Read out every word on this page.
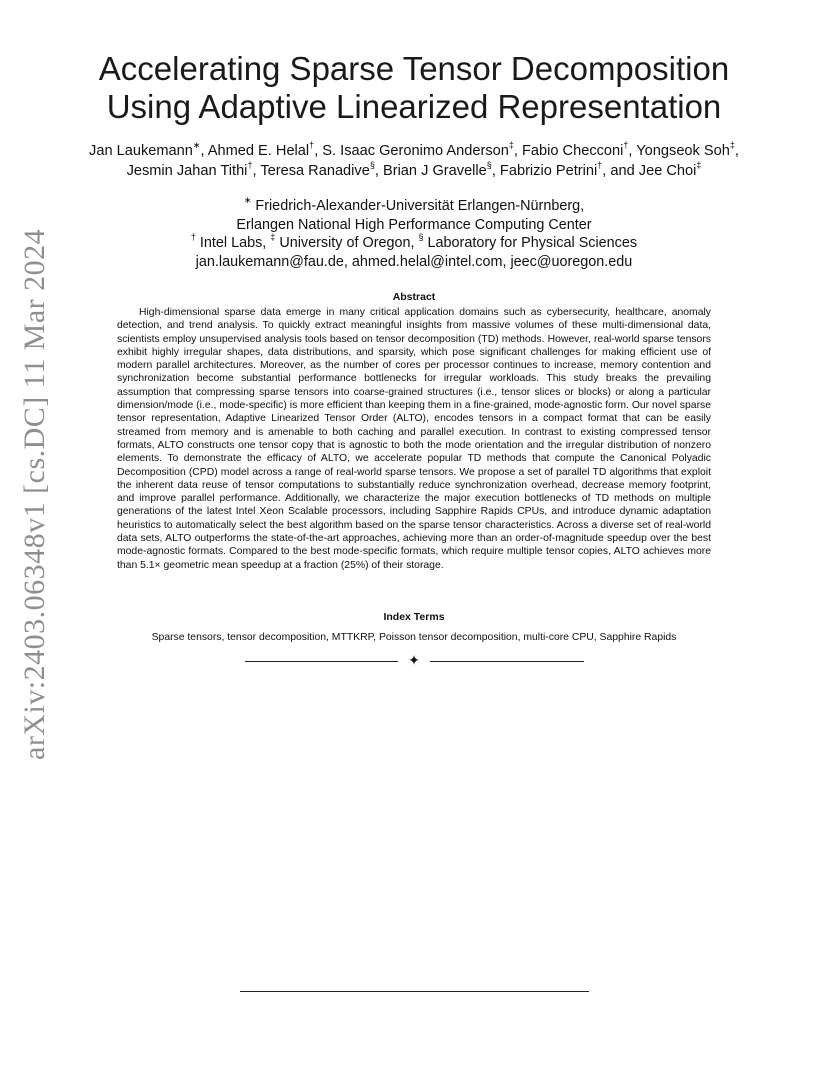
arXiv:2403.06348v1 [cs.DC] 11 Mar 2024
Accelerating Sparse Tensor Decomposition
Using Adaptive Linearized Representation
Jan Laukemann∗, Ahmed E. Helal†, S. Isaac Geronimo Anderson‡, Fabio Checconi†, Yongseok Soh‡,
Jesmin Jahan Tithi†, Teresa Ranadive§, Brian J Gravelle§, Fabrizio Petrini†, and Jee Choi‡
∗ Friedrich-Alexander-Universität Erlangen-Nürnberg,
Erlangen National High Performance Computing Center
† Intel Labs, ‡ University of Oregon, § Laboratory for Physical Sciences
jan.laukemann@fau.de, ahmed.helal@intel.com, jeec@uoregon.edu
Abstract

High-dimensional sparse data emerge in many critical application domains such as cybersecurity, healthcare, anomaly detection, and trend analysis. To quickly extract meaningful insights from massive volumes of these multi-dimensional data, scientists employ unsupervised analysis tools based on tensor decomposition (TD) methods. However, real-world sparse tensors exhibit highly irregular shapes, data distributions, and sparsity, which pose significant challenges for making efficient use of modern parallel architectures. Moreover, as the number of cores per processor continues to increase, memory contention and synchronization become substantial performance bottlenecks for irregular workloads. This study breaks the prevailing assumption that compressing sparse tensors into coarse-grained structures (i.e., tensor slices or blocks) or along a particular dimension/mode (i.e., mode-specific) is more efficient than keeping them in a fine-grained, mode-agnostic form. Our novel sparse tensor representation, Adaptive Linearized Tensor Order (ALTO), encodes tensors in a compact format that can be easily streamed from memory and is amenable to both caching and parallel execution. In contrast to existing compressed tensor formats, ALTO constructs one tensor copy that is agnostic to both the mode orientation and the irregular distribution of nonzero elements. To demonstrate the efficacy of ALTO, we accelerate popular TD methods that compute the Canonical Polyadic Decomposition (CPD) model across a range of real-world sparse tensors. We propose a set of parallel TD algorithms that exploit the inherent data reuse of tensor computations to substantially reduce synchronization overhead, decrease memory footprint, and improve parallel performance. Additionally, we characterize the major execution bottlenecks of TD methods on multiple generations of the latest Intel Xeon Scalable processors, including Sapphire Rapids CPUs, and introduce dynamic adaptation heuristics to automatically select the best algorithm based on the sparse tensor characteristics. Across a diverse set of real-world data sets, ALTO outperforms the state-of-the-art approaches, achieving more than an order-of-magnitude speedup over the best mode-agnostic formats. Compared to the best mode-specific formats, which require multiple tensor copies, ALTO achieves more than 5.1× geometric mean speedup at a fraction (25%) of their storage.

Index Terms
Sparse tensors, tensor decomposition, MTTKRP, Poisson tensor decomposition, multi-core CPU, Sapphire Rapids
✦
